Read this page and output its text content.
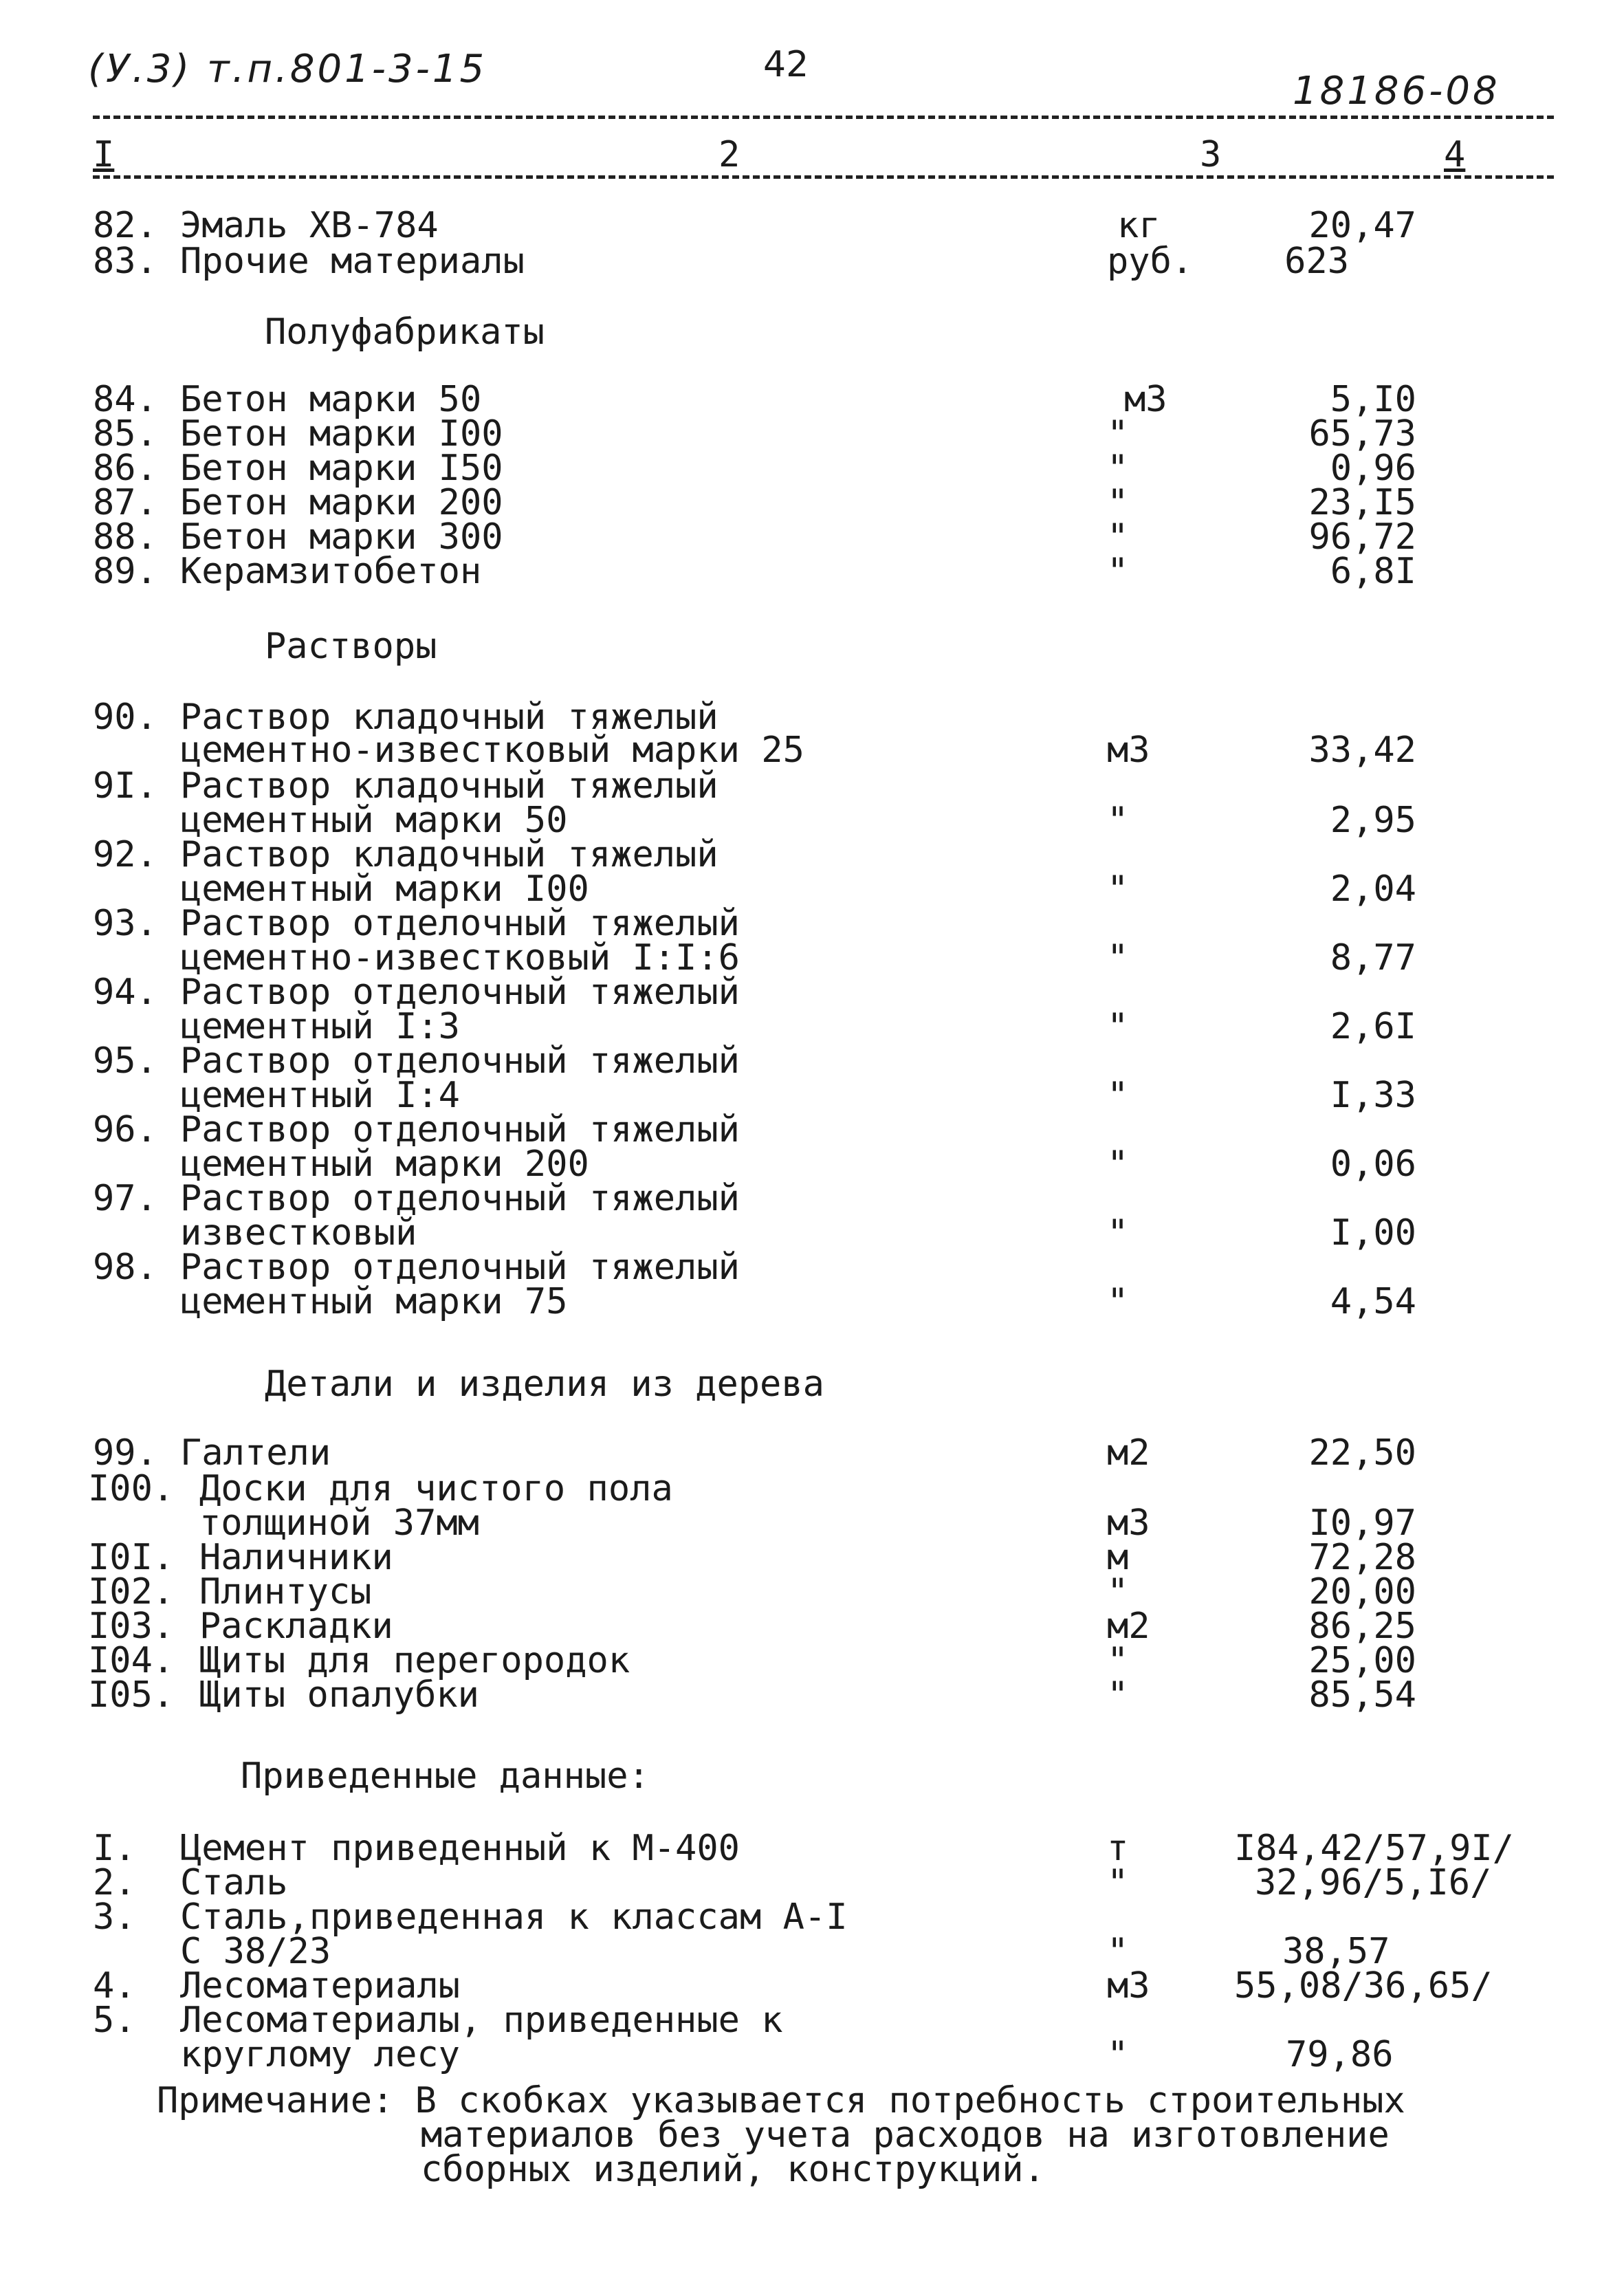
(У.3) т.п.801-3-15	42
18186-08
I	2	3	4
82. Эмаль ХВ-784	кг	20,47
83. Прочие материалы	руб.	623
Полуфабрикаты
84. Бетон марки 50	м3	5,I0
85. Бетон марки I00	"	65,73
86. Бетон марки I50	"	0,96
87. Бетон марки 200	"	23,I5
88. Бетон марки 300	"	96,72
89. Керамзитобетон	"	6,8I
Растворы
90. Раствор кладочный тяжелый
цементно-известковый марки 25	м3	33,42
9I. Раствор кладочный тяжелый
цементный марки 50	"	2,95
92. Раствор кладочный тяжелый
цементный марки I00	"	2,04
93. Раствор отделочный тяжелый
цементно-известковый I:I:6	"	8,77
94. Раствор отделочный тяжелый
цементный I:3	"	2,6I
95. Раствор отделочный тяжелый
цементный I:4	"	I,33
96. Раствор отделочный тяжелый
цементный марки 200	"	0,06
97. Раствор отделочный тяжелый
известковый	"	I,00
98. Раствор отделочный тяжелый
цементный марки 75	"	4,54
Детали и изделия из дерева
99. Галтели	м2	22,50
I00. Доски для чистого пола
толщиной 37мм	м3	I0,97
I0I. Наличники	м	72,28
I02. Плинтусы	"	20,00
I03. Раскладки	м2	86,25
I04. Щиты для перегородок	"	25,00
I05. Щиты опалубки	"	85,54
Приведенные данные:
I. Цемент приведенный к М-400	т	I84,42/57,9I/
2. Сталь	"	32,96/5,I6/
3. Сталь,приведенная к классам А-I
С 38/23	"	38,57
4. Лесоматериалы	м3 55,08/36,65/
5. Лесоматериалы, приведенные к
круглому лесу	"	79,86
Примечание: В скобках указывается потребность строительных
материалов без учета расходов на изготовление
сборных изделий, конструкций.
